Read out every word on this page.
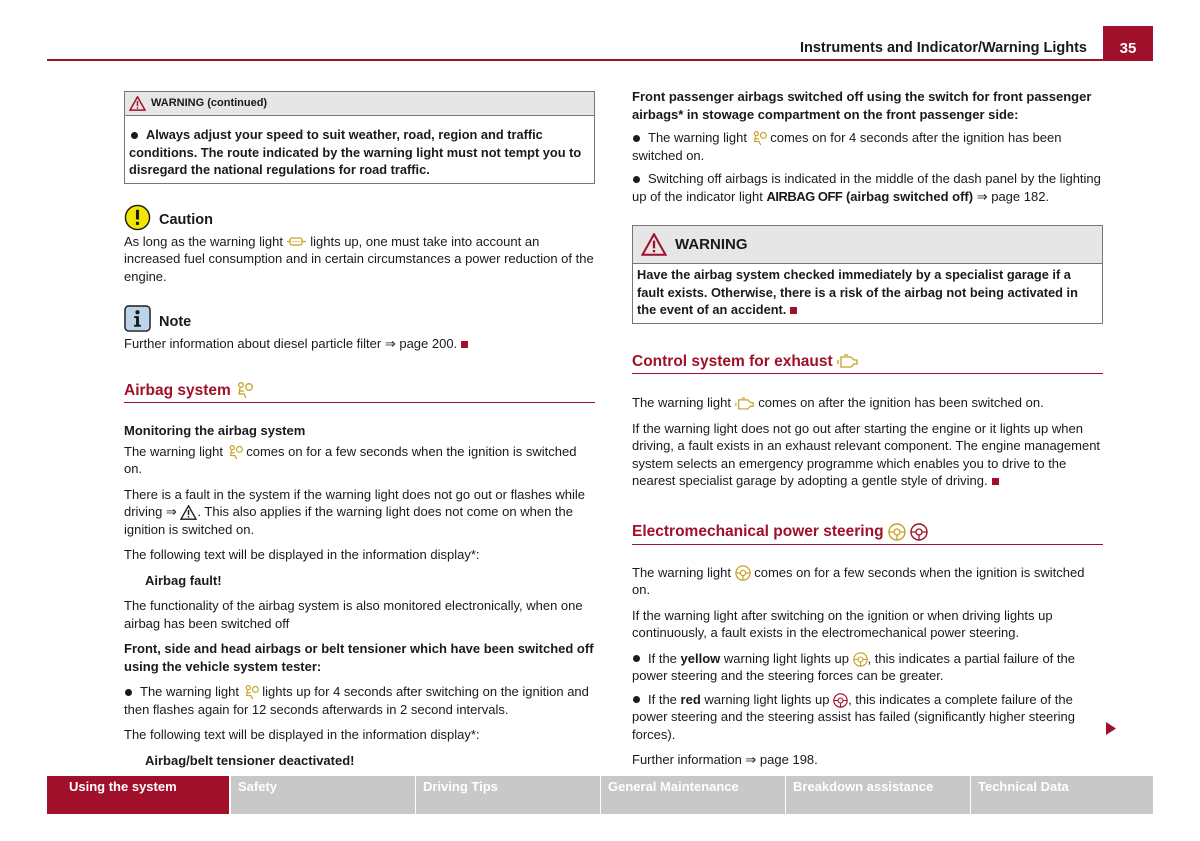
Instruments and Indicator/Warning Lights	35
WARNING (continued)
Always adjust your speed to suit weather, road, region and traffic conditions. The route indicated by the warning light must not tempt you to disregard the national regulations for road traffic.
Caution

As long as the warning light lights up, one must take into account an increased fuel consumption and in certain circumstances a power reduction of the engine.

Note

Further information about diesel particle filter ⇒ page 200.

Airbag system

Monitoring the airbag system

The warning light comes on for a few seconds when the ignition is switched on.

There is a fault in the system if the warning light does not go out or flashes while driving ⇒ . This also applies if the warning light does not come on when the ignition is switched on.

The following text will be displayed in the information display*:

Airbag fault!

The functionality of the airbag system is also monitored electronically, when one airbag has been switched off

Front, side and head airbags or belt tensioner which have been switched off using the vehicle system tester:

The warning light lights up for 4 seconds after switching on the ignition and then flashes again for 12 seconds afterwards in 2 second intervals.

The following text will be displayed in the information display*:

Airbag/belt tensioner deactivated!

Front passenger airbags switched off using the switch for front passenger airbags* in stowage compartment on the front passenger side:

The warning light comes on for 4 seconds after the ignition has been switched on.

Switching off airbags is indicated in the middle of the dash panel by the lighting up of the indicator light AIRBAG OFF (airbag switched off) ⇒ page 182.

WARNING
Have the airbag system checked immediately by a specialist garage if a fault exists. Otherwise, there is a risk of the airbag not being activated in the event of an accident.
Control system for exhaust

The warning light comes on after the ignition has been switched on.

If the warning light does not go out after starting the engine or it lights up when driving, a fault exists in an exhaust relevant component. The engine management system selects an emergency programme which enables you to drive to the nearest specialist garage by adopting a gentle style of driving.

Electromechanical power steering

The warning light comes on for a few seconds when the ignition is switched on.

If the warning light after switching on the ignition or when driving lights up continuously, a fault exists in the electromechanical power steering.

If the yellow warning light lights up , this indicates a partial failure of the power steering and the steering forces can be greater.

If the red warning light lights up , this indicates a complete failure of the power steering and the steering assist has failed (significantly higher steering forces).

Further information ⇒ page 198.

Using the system	Safety	Driving Tips	General Maintenance	Breakdown assistance	Technical Data
